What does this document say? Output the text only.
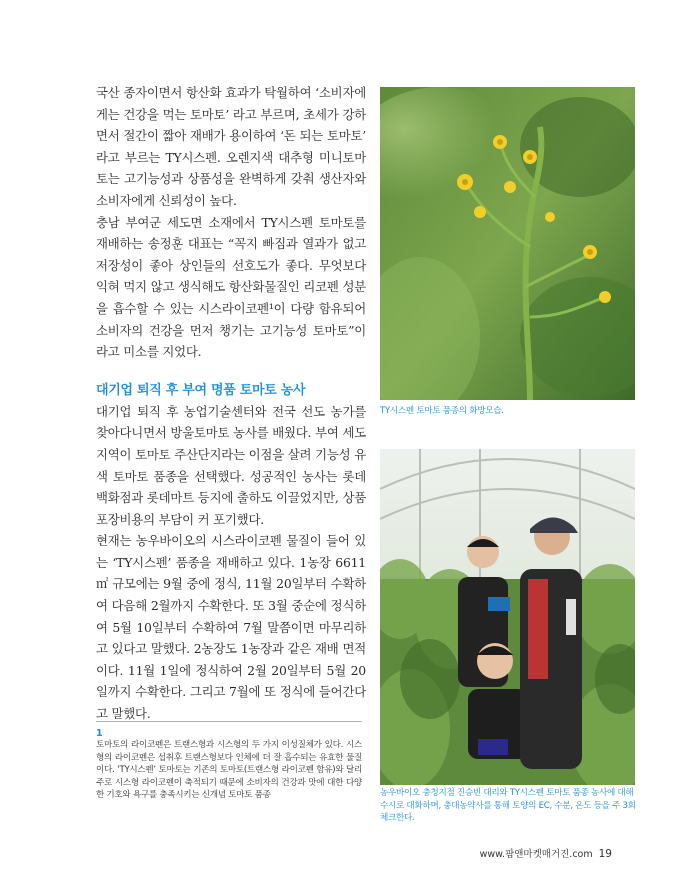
국산 종자이면서 항산화 효과가 탁월하여 ‘소비자에게는 건강을 먹는 토마토’ 라고 부르며, 초세가 강하면서 절간이 짧아 재배가 용이하여 ‘돈 되는 토마토’ 라고 부르는 TY시스펜. 오렌지색 대추형 미니토마토는 고기능성과 상품성을 완벽하게 갖춰 생산자와 소비자에게 신뢰성이 높다.

충남 부여군 세도면 소재에서 TY시스펜 토마토를 재배하는 송정훈 대표는 “꼭지 빠짐과 열과가 없고 저장성이 좋아 상인들의 선호도가 좋다. 무엇보다 익혀 먹지 않고 생식해도 항산화물질인 리코펜 성분을 흡수할 수 있는 시스라이코펜¹이 다량 함유되어 소비자의 건강을 먼저 챙기는 고기능성 토마토”이라고 미소를 지었다.

대기업 퇴직 후 부여 명품 토마토 농사

대기업 퇴직 후 농업기술센터와 전국 선도 농가를 찾아다니면서 방울토마토 농사를 배웠다. 부여 세도지역이 토마토 주산단지라는 이점을 살려 기능성 유색 토마토 품종을 선택했다. 성공적인 농사는 롯데백화점과 롯데마트 등지에 출하도 이끌었지만, 상품 포장비용의 부담이 커 포기했다.

현재는 농우바이오의 시스라이코펜 물질이 들어 있는 ‘TY시스펜’ 품종을 재배하고 있다. 1농장 6611㎡ 규모에는 9월 중에 정식, 11월 20일부터 수확하여 다음해 2월까지 수확한다. 또 3월 중순에 정식하여 5월 10일부터 수확하여 7월 말쯤이면 마무리하고 있다고 말했다. 2농장도 1농장과 같은 재배 면적이다. 11월 1일에 정식하여 2월 20일부터 5월 20일까지 수확한다. 그리고 7월에 또 정식에 들어간다고 말했다.

1

토마토의 라이코펜은 트랜스형과 시스형의 두 가지 이성질체가 있다. 시스형의 라이코펜은 섭취후 트랜스형보다 인체에 더 잘 흡수되는 유효한 물질이다. ‘TY시스펜’ 토마토는 기존의 토마토(트랜스형 라이코펜 함유)와 달리 주로 시스형 라이코펜이 축적되기 때문에 소비자의 건강과 맛에 대한 다양한 기호와 욕구를 충족시키는 신개념 토마토 품종

TY시스펜 토마토 품종의 화방모습.
농우바이오 충청지점 진승빈 대리와 TY시스펜 토마토 품종 농사에 대해 수시로 대화하며, 충대농약사를 통해 토양의 EC, 수분, 온도 등을 주 3회 체크한다.
www.팜앤마켓매거진.com 19
